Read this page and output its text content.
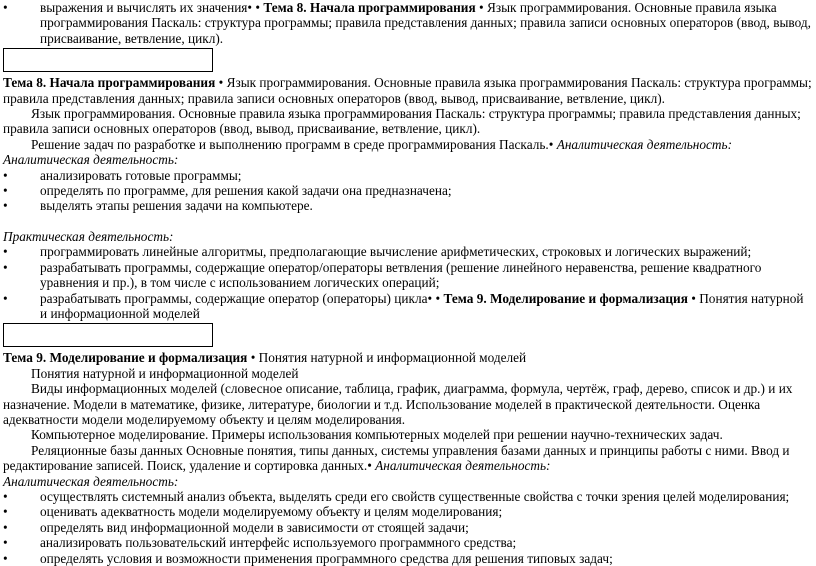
• выражения и вычислять их значения• • Тема 8. Начала программирования • Язык программирования. Основные правила языка программирования Паскаль: структура программы; правила представления данных; правила записи основных операторов (ввод, вывод, присваивание, ветвление, цикл).

Тема 8. Начала программирования • Язык программирования. Основные правила языка программирования Паскаль: структура программы; правила представления данных; правила записи основных операторов (ввод, вывод, присваивание, ветвление, цикл).

Язык программирования. Основные правила языка программирования Паскаль: структура программы; правила представления данных; правила записи основных операторов (ввод, вывод, присваивание, ветвление, цикл).

Решение задач по разработке и выполнению программ в среде программирования Паскаль.• Аналитическая деятельность:

Аналитическая деятельность:

• анализировать готовые программы;
• определять по программе, для решения какой задачи она предназначена;
• выделять этапы решения задачи на компьютере.

Практическая деятельность:

• программировать линейные алгоритмы, предполагающие вычисление арифметических, строковых и логических выражений;
• разрабатывать программы, содержащие оператор/операторы ветвления (решение линейного неравенства, решение квадратного уравнения и пр.), в том числе с использованием логических операций;
• разрабатывать программы, содержащие оператор (операторы) цикла• • Тема 9. Моделирование и формализация • Понятия натурной и информационной моделей

Тема 9. Моделирование и формализация • Понятия натурной и информационной моделей

Понятия натурной и информационной моделей

Виды информационных моделей (словесное описание, таблица, график, диаграмма, формула, чертёж, граф, дерево, список и др.) и их назначение. Модели в математике, физике, литературе, биологии и т.д. Использование моделей в практической деятельности. Оценка адекватности модели моделируемому объекту и целям моделирования.

Компьютерное моделирование. Примеры использования компьютерных моделей при решении научно-технических задач.

Реляционные базы данных Основные понятия, типы данных, системы управления базами данных и принципы работы с ними. Ввод и редактирование записей. Поиск, удаление и сортировка данных.• Аналитическая деятельность:

Аналитическая деятельность:

• осуществлять системный анализ объекта, выделять среди его свойств существенные свойства с точки зрения целей моделирования;
• оценивать адекватность модели моделируемому объекту и целям моделирования;
• определять вид информационной модели в зависимости от стоящей задачи;
• анализировать пользовательский интерфейс используемого программного средства;
• определять условия и возможности применения программного средства для решения типовых задач;
